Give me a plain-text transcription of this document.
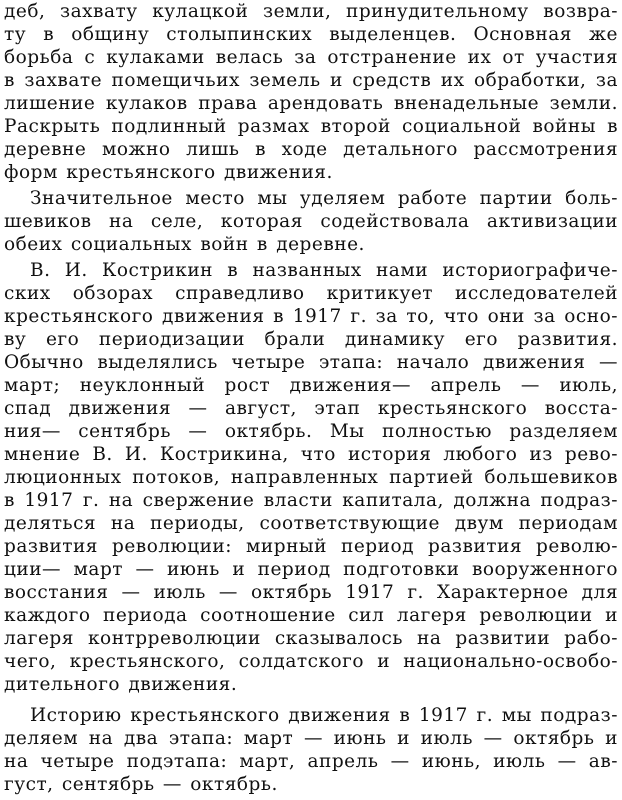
деб, захвату кулацкой земли, принудительному возвра-
ту в общину столыпинских выделенцев. Основная же
борьба с кулаками велась за отстранение их от участия
в захвате помещичьих земель и средств их обработки, за
лишение кулаков права арендовать вненадельные земли.
Раскрыть подлинный размах второй социальной войны в
деревне можно лишь в ходе детального рассмотрения
форм крестьянского движения.
Значительное место мы уделяем работе партии боль-
шевиков на селе, которая содействовала активизации
обеих социальных войн в деревне.
В. И. Кострикин в названных нами историографиче-
ских обзорах справедливо критикует исследователей
крестьянского движения в 1917 г. за то, что они за осно-
ву его периодизации брали динамику его развития.
Обычно выделялись четыре этапа: начало движения —
март; неуклонный рост движения— апрель — июль,
спад движения — август, этап крестьянского восста-
ния— сентябрь — октябрь. Мы полностью разделяем
мнение В. И. Кострикина, что история любого из рево-
люционных потоков, направленных партией большевиков
в 1917 г. на свержение власти капитала, должна подраз-
деляться на периоды, соответствующие двум периодам
развития революции: мирный период развития револю-
ции— март — июнь и период подготовки вооруженного
восстания — июль — октябрь 1917 г. Характерное для
каждого периода соотношение сил лагеря революции и
лагеря контрреволюции сказывалось на развитии рабо-
чего, крестьянского, солдатского и национально-освобо-
дительного движения.
Историю крестьянского движения в 1917 г. мы подраз-
деляем на два этапа: март — июнь и июль — октябрь и
на четыре подэтапа: март, апрель — июнь, июль — ав-
густ, сентябрь — октябрь.
